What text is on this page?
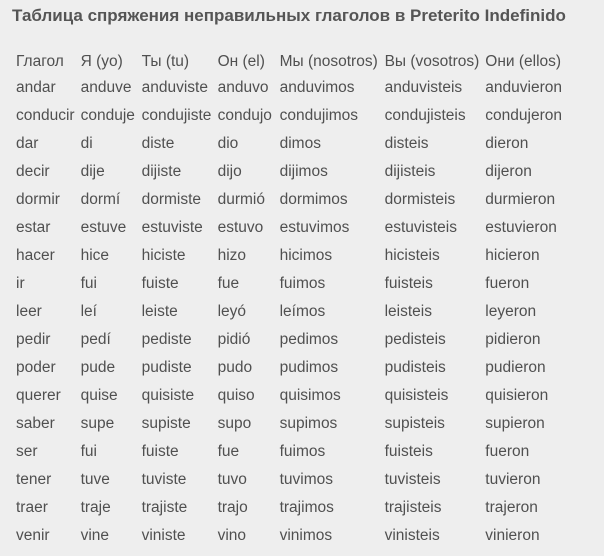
Таблица спряжения неправильных глаголов в Preterito Indefinido
Глагол	Я (yo)	Ты (tu)	Он (el)	Мы (nosotros)	Вы (vosotros)	Они (ellos)
andar	anduve	anduviste	anduvo	anduvimos	anduvisteis	anduvieron
conducir	conduje	condujiste	condujo	condujimos	condujisteis	condujeron
dar	di	diste	dio	dimos	disteis	dieron
decir	dije	dijiste	dijo	dijimos	dijisteis	dijeron
dormir	dormí	dormiste	durmió	dormimos	dormisteis	durmieron
estar	estuve	estuviste	estuvo	estuvimos	estuvisteis	estuvieron
hacer	hice	hiciste	hizo	hicimos	hicisteis	hicieron
ir	fui	fuiste	fue	fuimos	fuisteis	fueron
leer	leí	leiste	leyó	leímos	leisteis	leyeron
pedir	pedí	pediste	pidió	pedimos	pedisteis	pidieron
poder	pude	pudiste	pudo	pudimos	pudisteis	pudieron
querer	quise	quisiste	quiso	quisimos	quisisteis	quisieron
saber	supe	supiste	supo	supimos	supisteis	supieron
ser	fui	fuiste	fue	fuimos	fuisteis	fueron
tener	tuve	tuviste	tuvo	tuvimos	tuvisteis	tuvieron
traer	traje	trajiste	trajo	trajimos	trajisteis	trajeron
venir	vine	viniste	vino	vinimos	vinisteis	vinieron
